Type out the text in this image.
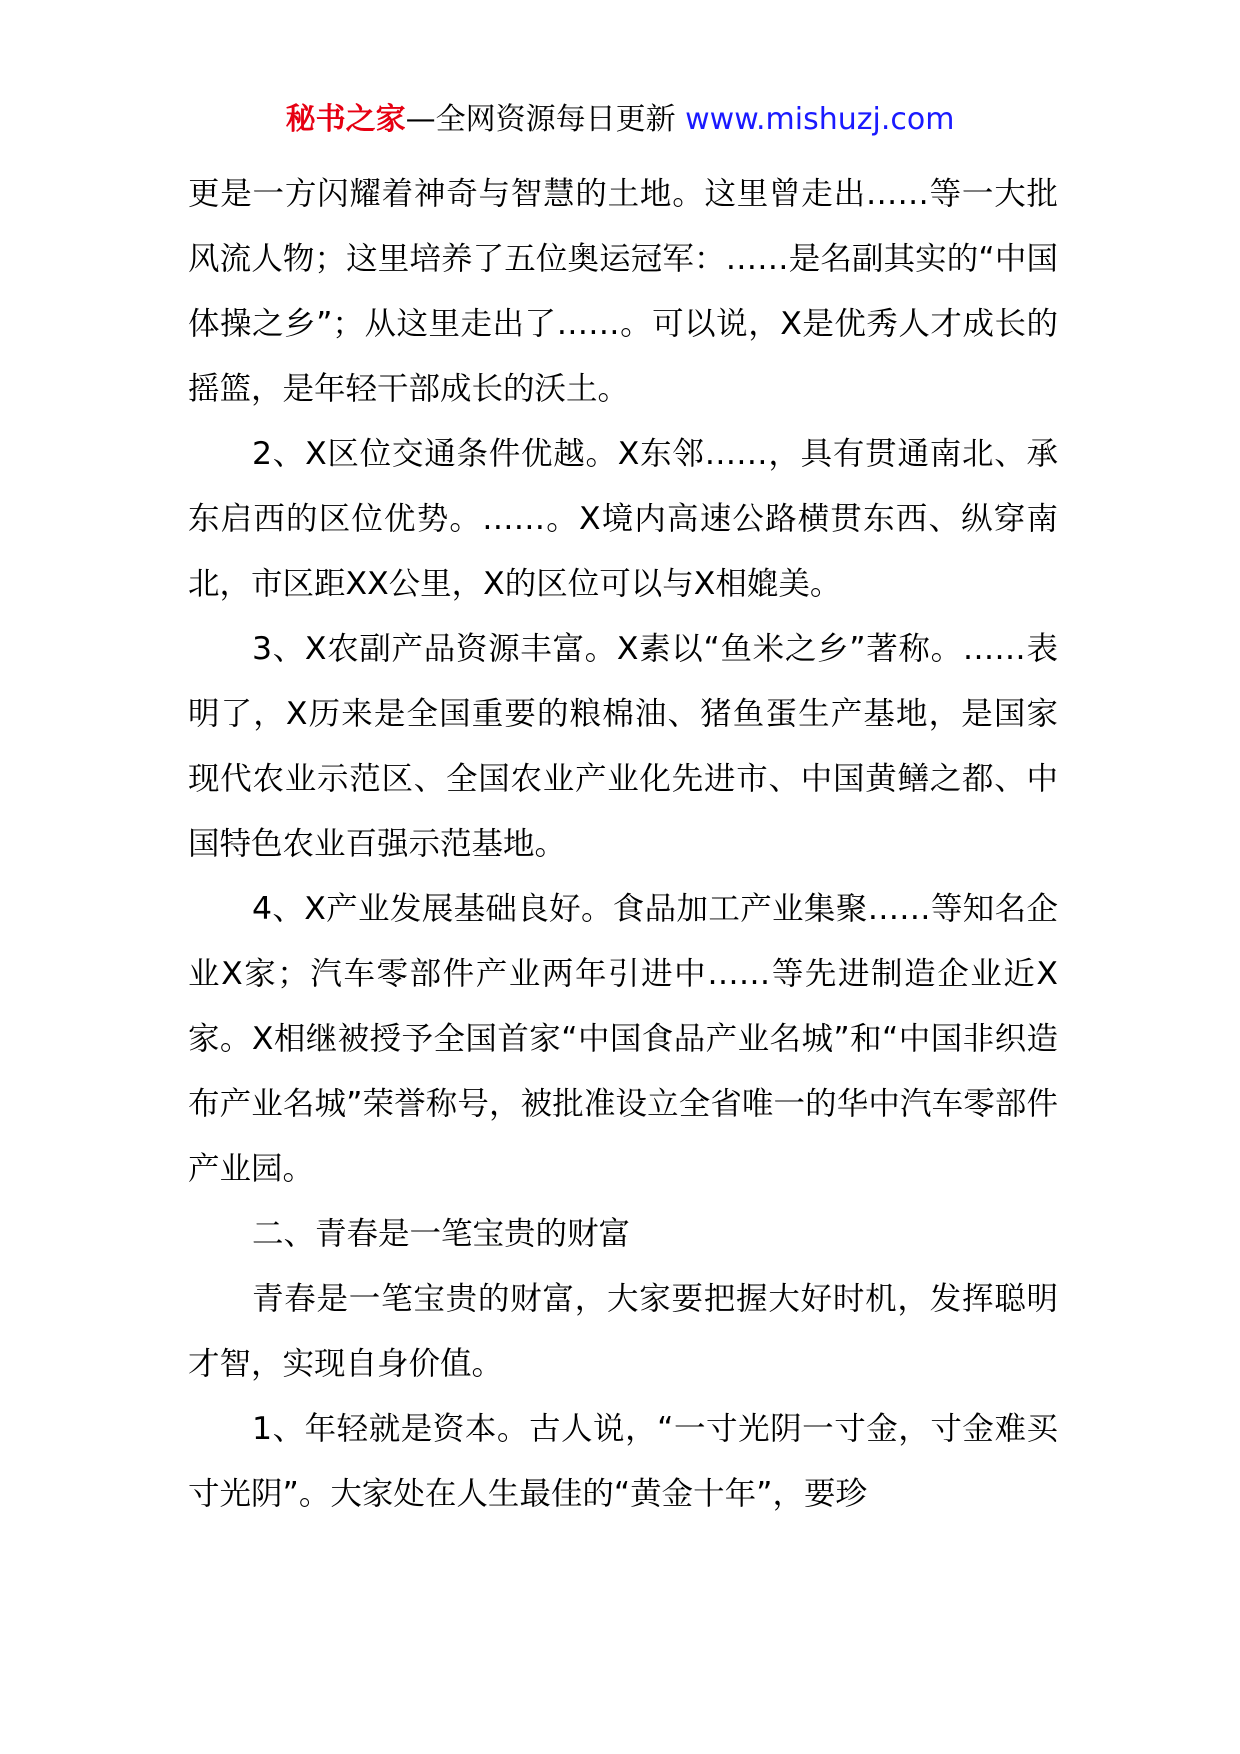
秘书之家—全网资源每日更新 www.mishuzj.com

更是一方闪耀着神奇与智慧的土地。这里曾走出……等一大批风流人物；这里培养了五位奥运冠军：……是名副其实的“中国体操之乡”；从这里走出了……。可以说，X是优秀人才成长的摇篮，是年轻干部成长的沃土。

2、X区位交通条件优越。X东邻……，具有贯通南北、承东启西的区位优势。……。X境内高速公路横贯东西、纵穿南北，市区距XX公里，X的区位可以与X相媲美。

3、X农副产品资源丰富。X素以“鱼米之乡”著称。……表明了，X历来是全国重要的粮棉油、猪鱼蛋生产基地，是国家现代农业示范区、全国农业产业化先进市、中国黄鳝之都、中国特色农业百强示范基地。

4、X产业发展基础良好。食品加工产业集聚……等知名企业X家；汽车零部件产业两年引进中……等先进制造企业近X家。X相继被授予全国首家“中国食品产业名城”和“中国非织造布产业名城”荣誉称号，被批准设立全省唯一的华中汽车零部件产业园。

二、青春是一笔宝贵的财富

青春是一笔宝贵的财富，大家要把握大好时机，发挥聪明才智，实现自身价值。

1、年轻就是资本。古人说，“一寸光阴一寸金，寸金难买寸光阴”。大家处在人生最佳的“黄金十年”，要珍
